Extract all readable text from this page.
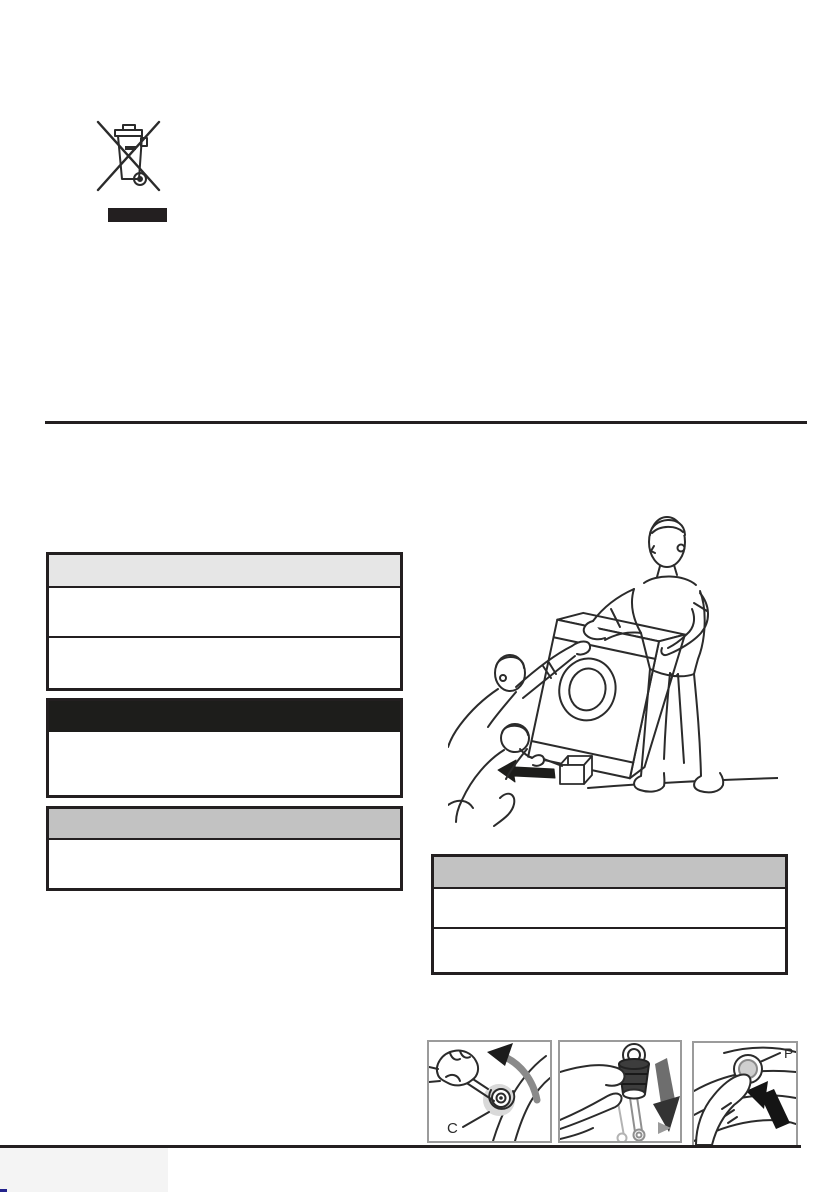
C
P
